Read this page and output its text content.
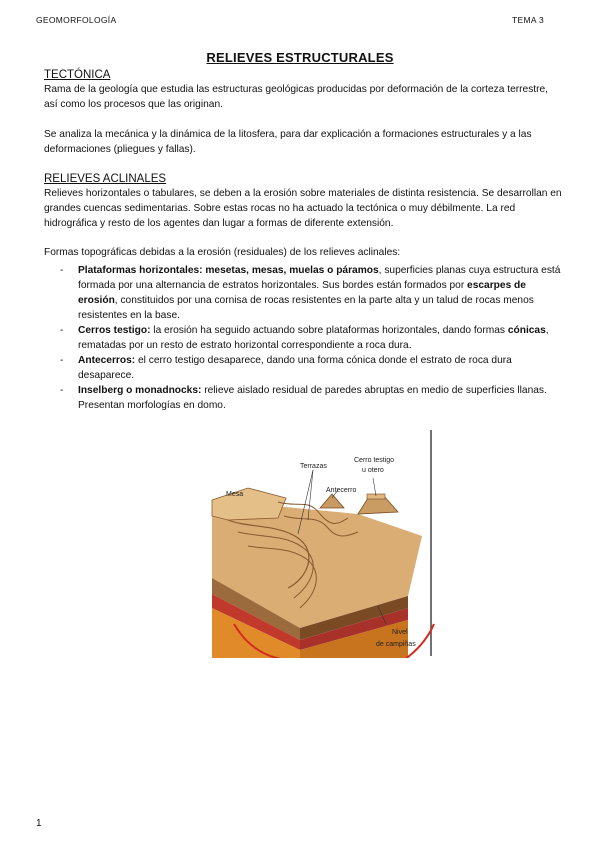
GEOMORFOLOGÍA	TEMA 3
RELIEVES ESTRUCTURALES
TECTÓNICA

Rama de la geología que estudia las estructuras geológicas producidas por deformación de la corteza terrestre, así como los procesos que las originan.

Se analiza la mecánica y la dinámica de la litosfera, para dar explicación a formaciones estructurales y a las deformaciones (pliegues y fallas).

RELIEVES ACLINALES

Relieves horizontales o tabulares, se deben a la erosión sobre materiales de distinta resistencia. Se desarrollan en grandes cuencas sedimentarias. Sobre estas rocas no ha actuado la tectónica o muy débilmente. La red hidrográfica y resto de los agentes dan lugar a formas de diferente extensión.

Formas topográficas debidas a la erosión (residuales) de los relieves aclinales:
- Plataformas horizontales: mesetas, mesas, muelas o páramos, superficies planas cuya estructura está formada por una alternancia de estratos horizontales. Sus bordes están formados por escarpes de erosión, constituidos por una cornisa de rocas resistentes en la parte alta y un talud de rocas menos resistentes en la base.
- Cerros testigo: la erosión ha seguido actuando sobre plataformas horizontales, dando formas cónicas, rematadas por un resto de estrato horizontal correspondiente a roca dura.
- Antecerros: el cerro testigo desaparece, dando una forma cónica donde el estrato de roca dura desaparece.
- Inselberg o monadnocks: relieve aislado residual de paredes abruptas en medio de superficies llanas. Presentan morfologías en domo.
Terrazas
Cerro testigo
u otero
Antecerro
Mesa
Nivel
de campiñas
1
